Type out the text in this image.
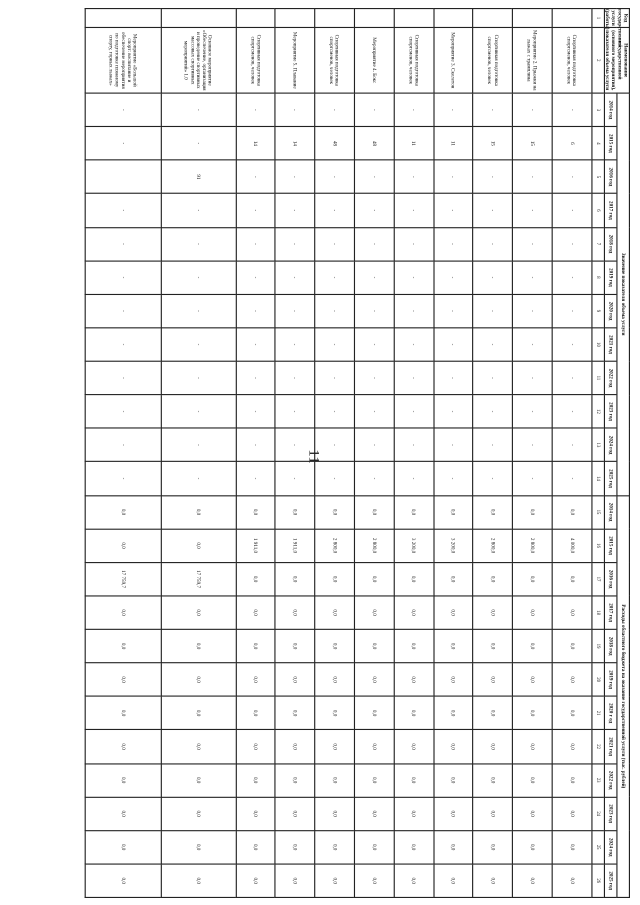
11
Код государственной услуги (работы)	Наименование государственной (основного мероприятия), показателя объема услуги	Значение показателя объема услуги												Расходы областного бюджета на оказание государственной услуги (тыс. рублей)											
		2014 год	2015 год	2016 год	2017 год	2018 год	2019 год	2020 год	2021 год	2022 год	2023 год	2024 год	2025 год	2014 год	2015 год	2016 год	2017 год	2018 год	2019 год	2020 г од	2021 год	2022 год	2023 год	2024 год	2025 год
1	2	3	4	5	6	7	8	9	10	11	12	13	14	15	16	17	18	19	20	21	22	23	24	25	26
	Спортивная подготовка спортсменов, человек	-	6	-	-	-	-	-	-	-	-	-	-	0,0	4 000,0	0,0	0,0	0,0	0,0	0,0	0,0	0,0	0,0	0,0	0,0
	Мероприятие 2. Прыжки на лыжах с трамплина	-	15	-	-	-	-	-	-	-	-	-	-	0,0	2 800,0	0,0	0,0	0,0	0,0	0,0	0,0	0,0	0,0	0,0	0,0
	Спортивная подготовка спортсменов, человек	-	15	-	-	-	-	-	-	-	-	-	-	0,0	2 800,0	0,0	0,0	0,0	0,0	0,0	0,0	0,0	0,0	0,0	0,0
	Мероприятие 3. Скелетон	-	11	-	-	-	-	-	-	-	-	-	-	0,0	3 200,0	0,0	0,0	0,0	0,0	0,0	0,0	0,0	0,0	0,0	0,0
	Спортивная подготовка спортсменов, человек	-	11	-	-	-	-	-	-	-	-	-	-	0,0	3 200,0	0,0	0,0	0,0	0,0	0,0	0,0	0,0	0,0	0,0	0,0
	Мероприятие 4. Бокс	-	48	-	-	-	-	-	-	-	-	-	-	0,0	2 800,0	0,0	0,0	0,0	0,0	0,0	0,0	0,0	0,0	0,0	0,0
	Спортивная подготовка спортсменов, человек	-	48	-	-	-	-	-	-	-	-	-	-	0,0	2 800,0	0,0	0,0	0,0	0,0	0,0	0,0	0,0	0,0	0,0	0,0
	Мероприятие 5. Плавание	-	14	-	-	-	-	-	-	-	-	-	-	0,0	1 911,0	0,0	0,0	0,0	0,0	0,0	0,0	0,0	0,0	0,0	0,0
	Спортивная подготовка спортсменов, человек	-	14	-	-	-	-	-	-	-	-	-	-	0,0	1 911,0	0,0	0,0	0,0	0,0	0,0	0,0	0,0	0,0	0,0	0,0
	Основное мероприятие «Обеспечение, организация и проведение спортивных массовых спортивных мероприятий» 1.0	-	-	91	-	-	-	-	-	-	-	-	-	0,0	0,0	17 759,7	0,0	0,0	0,0	0,0	0,0	0,0	0,0	0,0	0,0
	Мероприятие «Большой спорт: воспитание и обеспечение мероприятия по подготовке пляжному спорту, горных лыжах»	-	-		-	-	-	-	-	-	-	-	-	0,0	0,0	17 759,7	0,0	0,0	0,0	0,0	0,0	0,0	0,0	0,0	0,0
